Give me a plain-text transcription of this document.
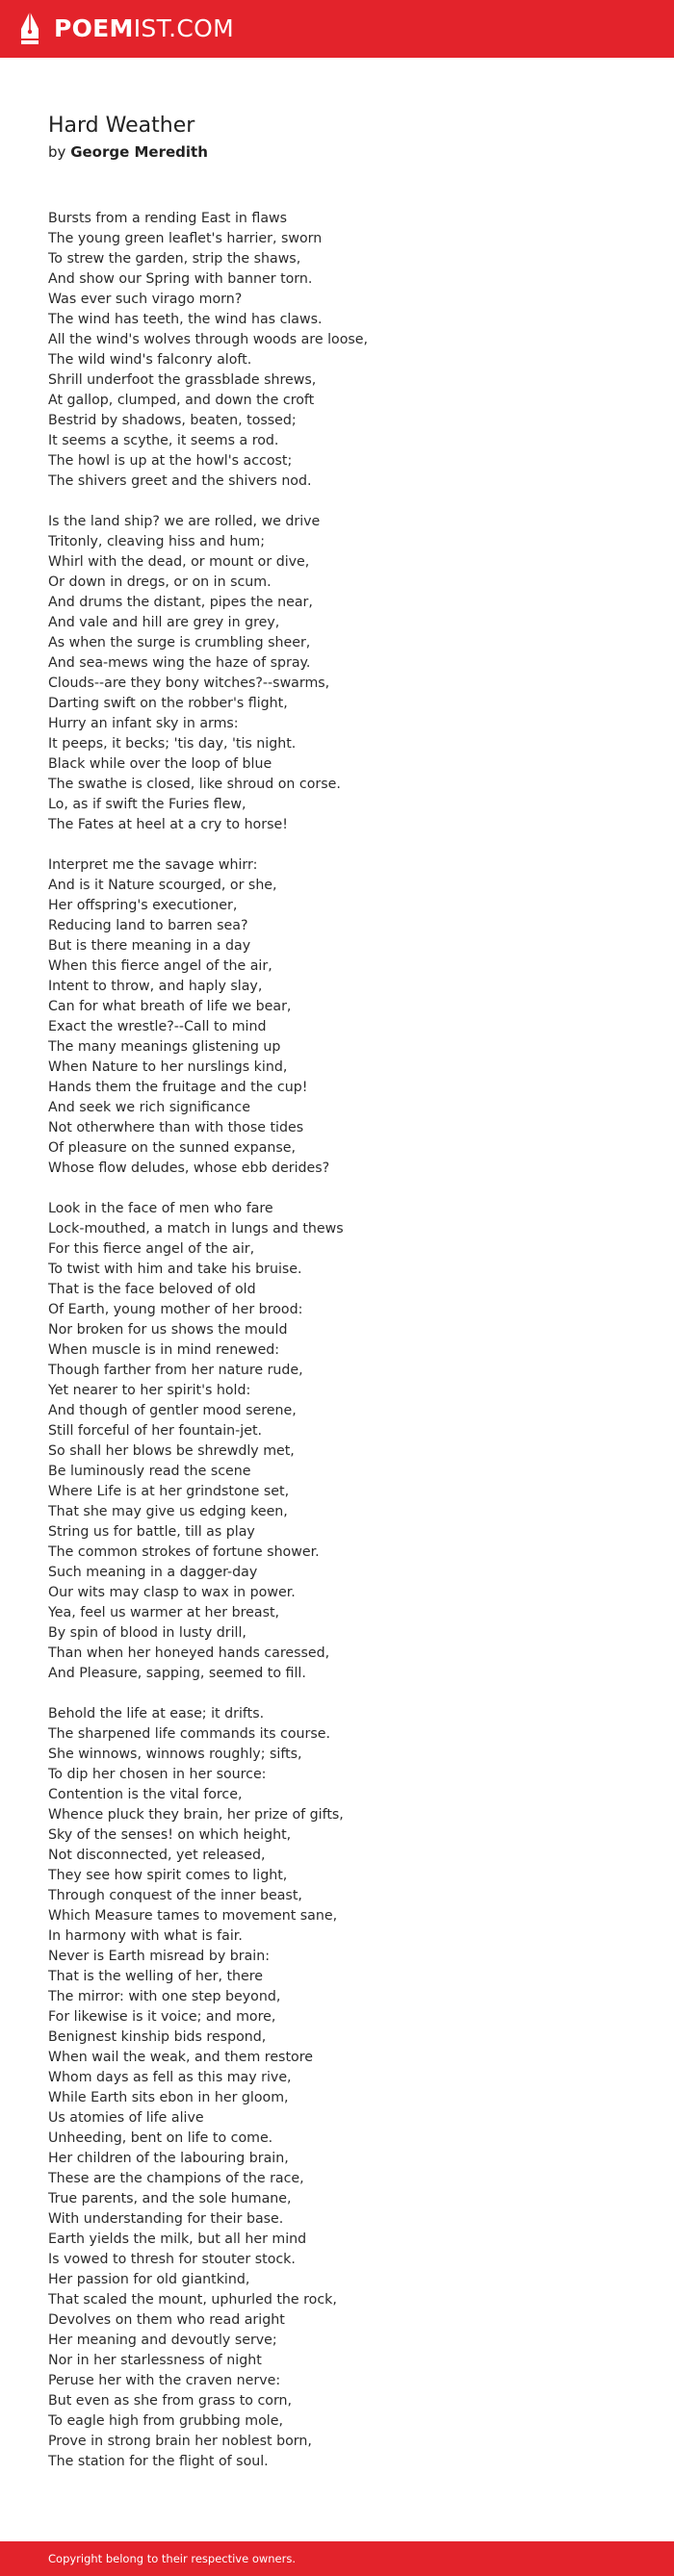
POEMIST.COM
Hard Weather
by George Meredith
Bursts from a rending East in flaws
The young green leaflet's harrier, sworn
To strew the garden, strip the shaws,
And show our Spring with banner torn.
Was ever such virago morn?
The wind has teeth, the wind has claws.
All the wind's wolves through woods are loose,
The wild wind's falconry aloft.
Shrill underfoot the grassblade shrews,
At gallop, clumped, and down the croft
Bestrid by shadows, beaten, tossed;
It seems a scythe, it seems a rod.
The howl is up at the howl's accost;
The shivers greet and the shivers nod.
Is the land ship? we are rolled, we drive
Tritonly, cleaving hiss and hum;
Whirl with the dead, or mount or dive,
Or down in dregs, or on in scum.
And drums the distant, pipes the near,
And vale and hill are grey in grey,
As when the surge is crumbling sheer,
And sea-mews wing the haze of spray.
Clouds--are they bony witches?--swarms,
Darting swift on the robber's flight,
Hurry an infant sky in arms:
It peeps, it becks; 'tis day, 'tis night.
Black while over the loop of blue
The swathe is closed, like shroud on corse.
Lo, as if swift the Furies flew,
The Fates at heel at a cry to horse!
Interpret me the savage whirr:
And is it Nature scourged, or she,
Her offspring's executioner,
Reducing land to barren sea?
But is there meaning in a day
When this fierce angel of the air,
Intent to throw, and haply slay,
Can for what breath of life we bear,
Exact the wrestle?--Call to mind
The many meanings glistening up
When Nature to her nurslings kind,
Hands them the fruitage and the cup!
And seek we rich significance
Not otherwhere than with those tides
Of pleasure on the sunned expanse,
Whose flow deludes, whose ebb derides?
Look in the face of men who fare
Lock-mouthed, a match in lungs and thews
For this fierce angel of the air,
To twist with him and take his bruise.
That is the face beloved of old
Of Earth, young mother of her brood:
Nor broken for us shows the mould
When muscle is in mind renewed:
Though farther from her nature rude,
Yet nearer to her spirit's hold:
And though of gentler mood serene,
Still forceful of her fountain-jet.
So shall her blows be shrewdly met,
Be luminously read the scene
Where Life is at her grindstone set,
That she may give us edging keen,
String us for battle, till as play
The common strokes of fortune shower.
Such meaning in a dagger-day
Our wits may clasp to wax in power.
Yea, feel us warmer at her breast,
By spin of blood in lusty drill,
Than when her honeyed hands caressed,
And Pleasure, sapping, seemed to fill.
Behold the life at ease; it drifts.
The sharpened life commands its course.
She winnows, winnows roughly; sifts,
To dip her chosen in her source:
Contention is the vital force,
Whence pluck they brain, her prize of gifts,
Sky of the senses! on which height,
Not disconnected, yet released,
They see how spirit comes to light,
Through conquest of the inner beast,
Which Measure tames to movement sane,
In harmony with what is fair.
Never is Earth misread by brain:
That is the welling of her, there
The mirror: with one step beyond,
For likewise is it voice; and more,
Benignest kinship bids respond,
When wail the weak, and them restore
Whom days as fell as this may rive,
While Earth sits ebon in her gloom,
Us atomies of life alive
Unheeding, bent on life to come.
Her children of the labouring brain,
These are the champions of the race,
True parents, and the sole humane,
With understanding for their base.
Earth yields the milk, but all her mind
Is vowed to thresh for stouter stock.
Her passion for old giantkind,
That scaled the mount, uphurled the rock,
Devolves on them who read aright
Her meaning and devoutly serve;
Nor in her starlessness of night
Peruse her with the craven nerve:
But even as she from grass to corn,
To eagle high from grubbing mole,
Prove in strong brain her noblest born,
The station for the flight of soul.
Copyright belong to their respective owners.
